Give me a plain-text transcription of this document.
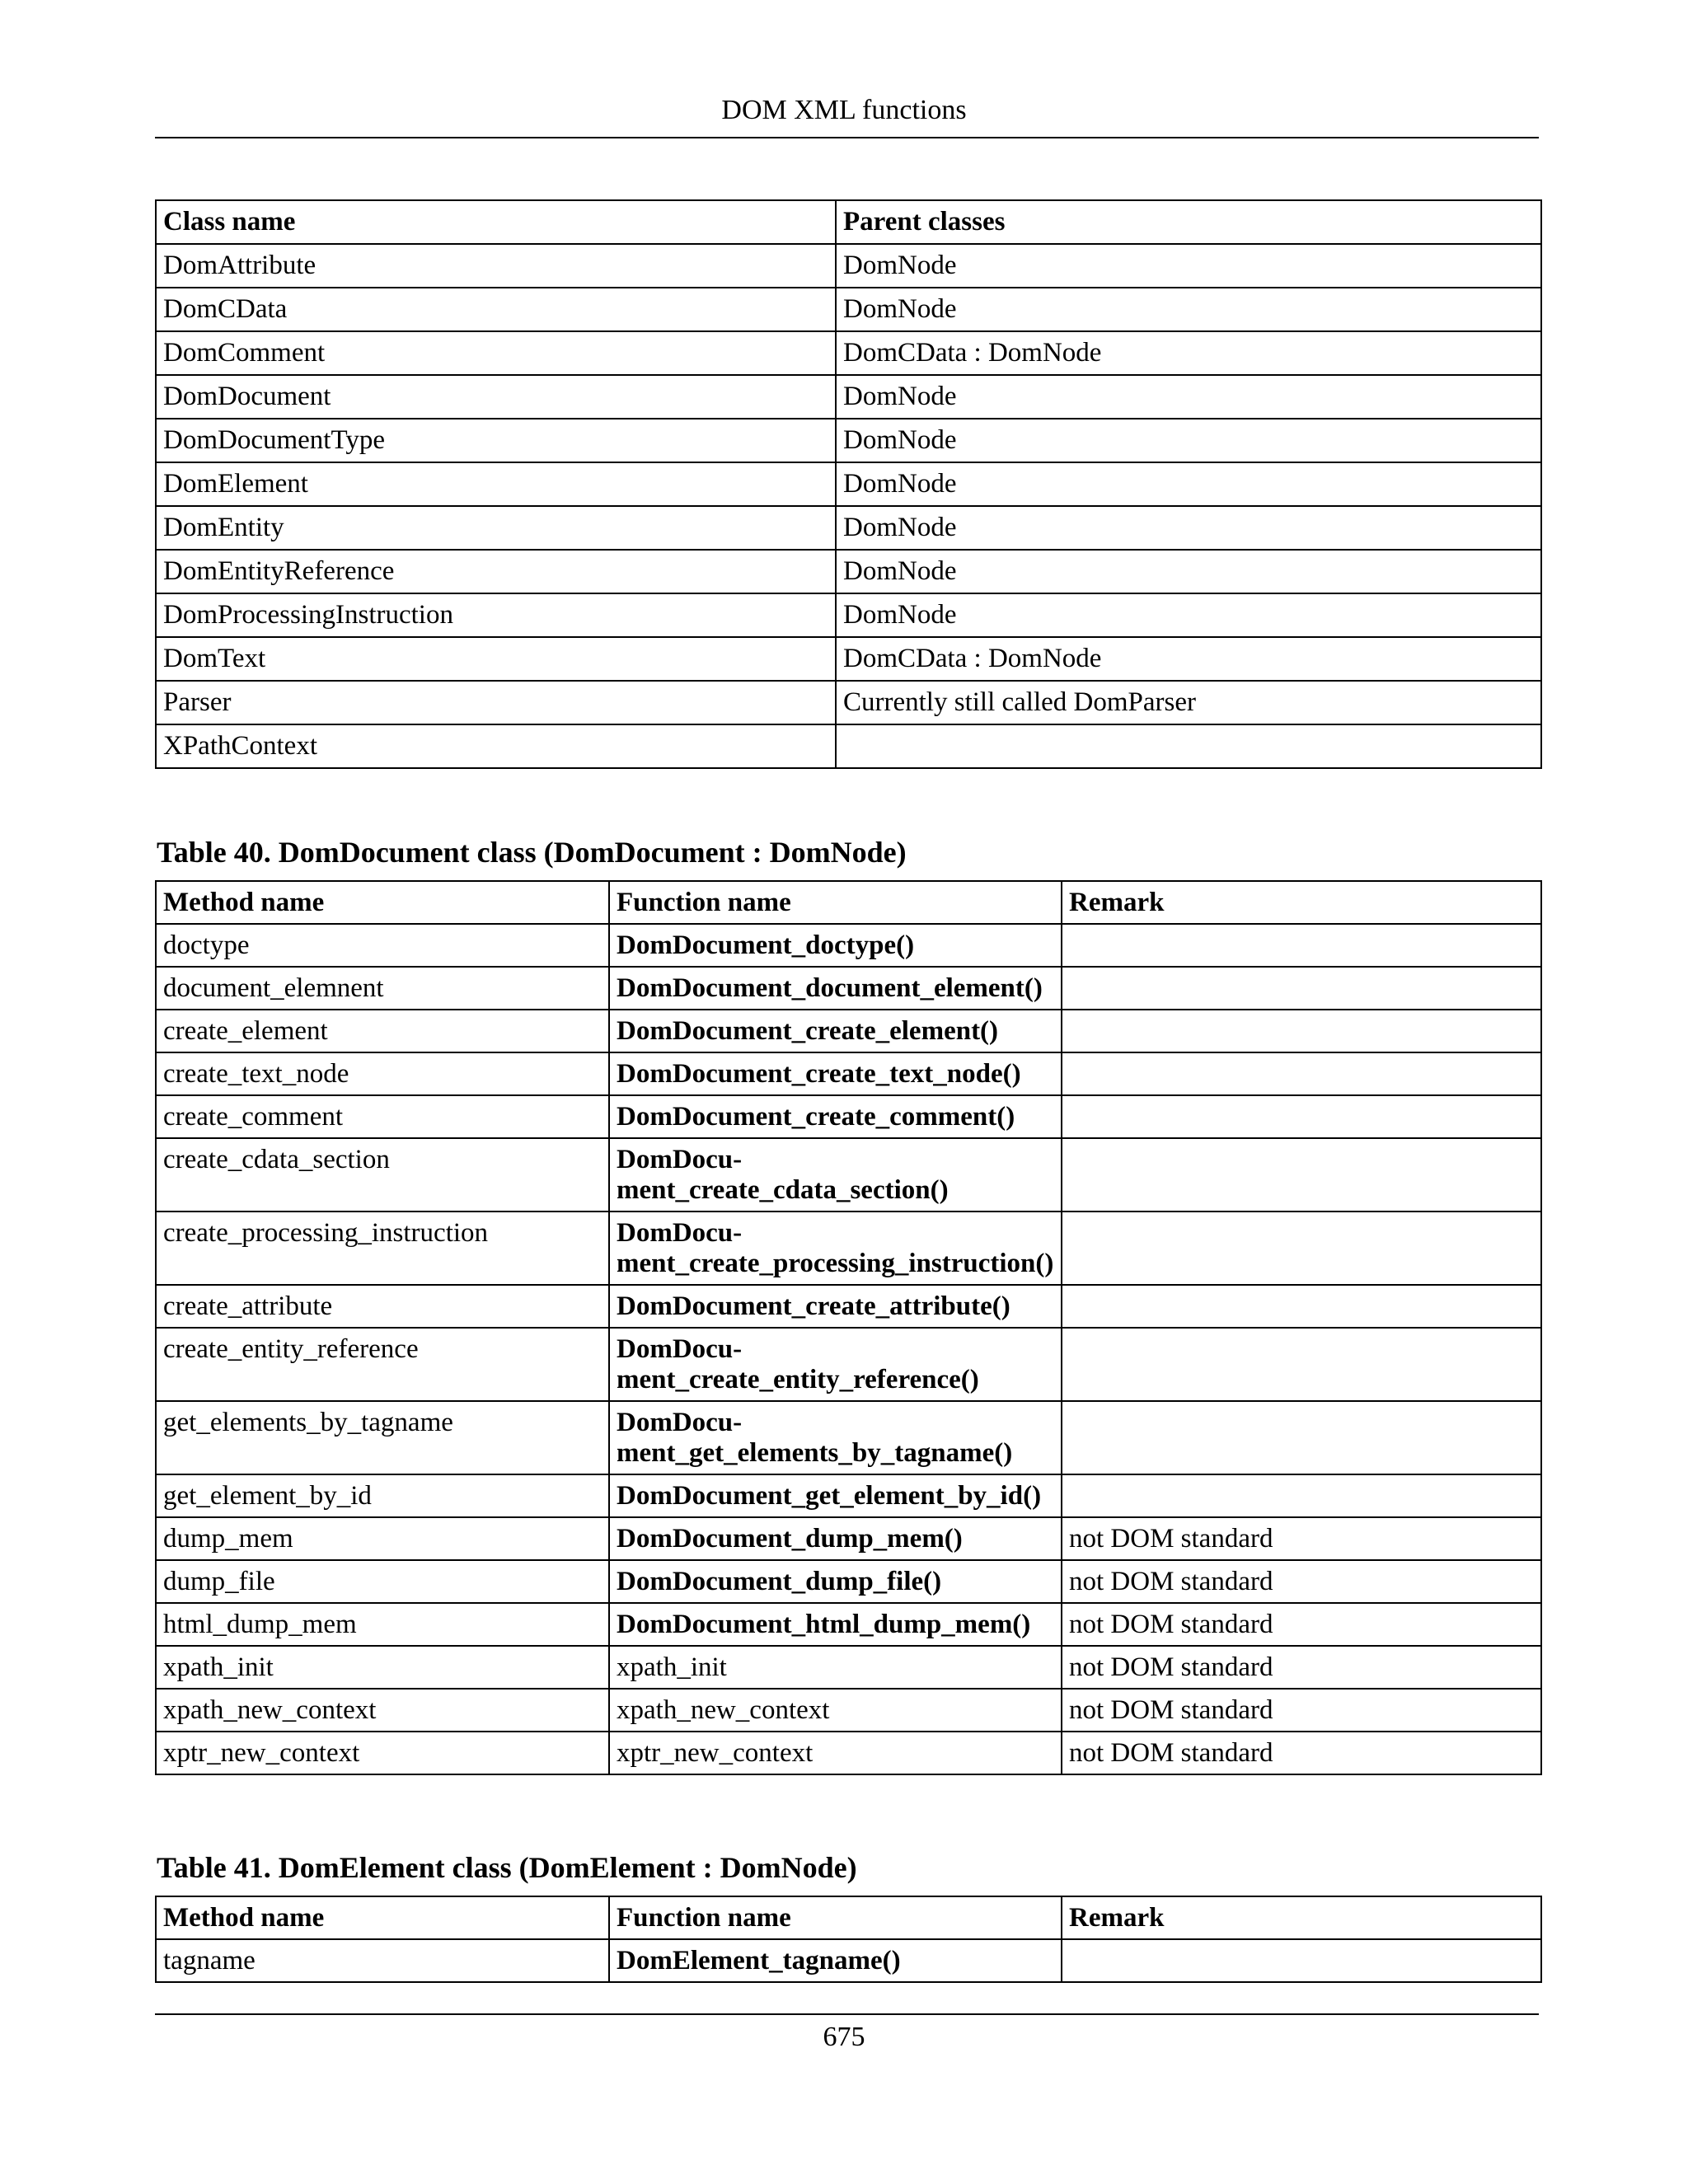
DOM XML functions
Class name	Parent classes
DomAttribute	DomNode
DomCData	DomNode
DomComment	DomCData : DomNode
DomDocument	DomNode
DomDocumentType	DomNode
DomElement	DomNode
DomEntity	DomNode
DomEntityReference	DomNode
DomProcessingInstruction	DomNode
DomText	DomCData : DomNode
Parser	Currently still called DomParser
XPathContext	

Table 40. DomDocument class (DomDocument : DomNode)

Method name	Function name	Remark
doctype	DomDocument_doctype()	
document_elemnent	DomDocument_document_element()	
create_element	DomDocument_create_element()	
create_text_node	DomDocument_create_text_node()	
create_comment	DomDocument_create_comment()	
create_cdata_section	DomDocu-
ment_create_cdata_section()	
create_processing_instruction	DomDocu-
ment_create_processing_instruction()	
create_attribute	DomDocument_create_attribute()	
create_entity_reference	DomDocu-
ment_create_entity_reference()	
get_elements_by_tagname	DomDocu-
ment_get_elements_by_tagname()	
get_element_by_id	DomDocument_get_element_by_id()	
dump_mem	DomDocument_dump_mem()	not DOM standard
dump_file	DomDocument_dump_file()	not DOM standard
html_dump_mem	DomDocument_html_dump_mem()	not DOM standard
xpath_init	xpath_init	not DOM standard
xpath_new_context	xpath_new_context	not DOM standard
xptr_new_context	xptr_new_context	not DOM standard

Table 41. DomElement class (DomElement : DomNode)

Method name	Function name	Remark
tagname	DomElement_tagname()	
675
